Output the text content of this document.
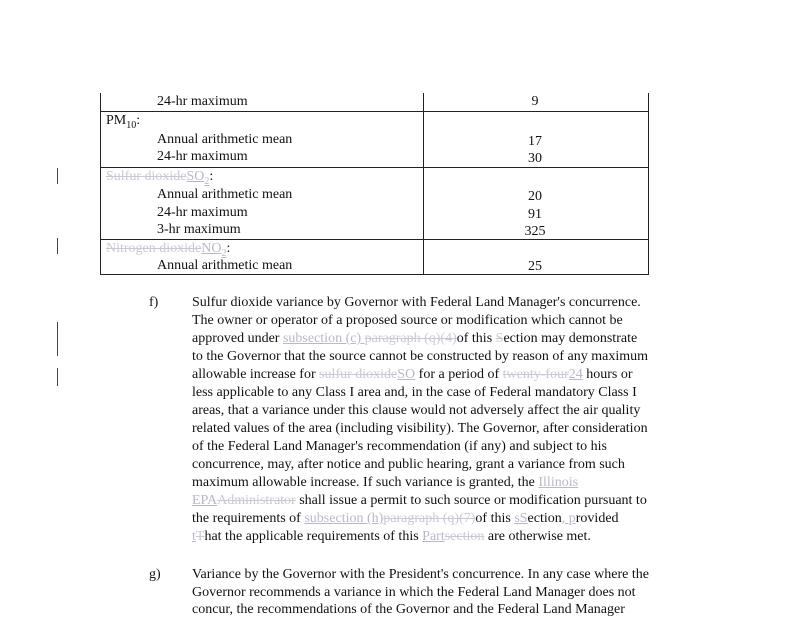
24-hr maximum	9
$PM_{10}$:
Annual arithmetic mean	17
24-hr maximum	30
Sulfur dioxideSO$_2$:
Annual arithmetic mean	20
24-hr maximum	91
3-hr maximum	325
Nitrogen dioxideNO$_2$:
Annual arithmetic mean	25
f) Sulfur dioxide variance by Governor with Federal Land Manager's concurrence.
The owner or operator of a proposed source or modification which cannot be
approved under subsection (c) paragraph (q)(4)of this Section may demonstrate
to the Governor that the source cannot be constructed by reason of any maximum
allowable increase for sulfur dioxideSO for a period of twenty-four24 hours or
less applicable to any Class I area and, in the case of Federal mandatory Class I
areas, that a variance under this clause would not adversely affect the air quality
related values of the area (including visibility). The Governor, after consideration
of the Federal Land Manager's recommendation (if any) and subject to his
concurrence, may, after notice and public hearing, grant a variance from such
maximum allowable increase. If such variance is granted, the Illinois
EPAAdministrator shall issue a permit to such source or modification pursuant to
the requirements of subsection (h)paragraph (q)(7)of this sSection, provided
tThat the applicable requirements of this Partsection are otherwise met.
g) Variance by the Governor with the President's concurrence. In any case where the
Governor recommends a variance in which the Federal Land Manager does not
concur, the recommendations of the Governor and the Federal Land Manager
